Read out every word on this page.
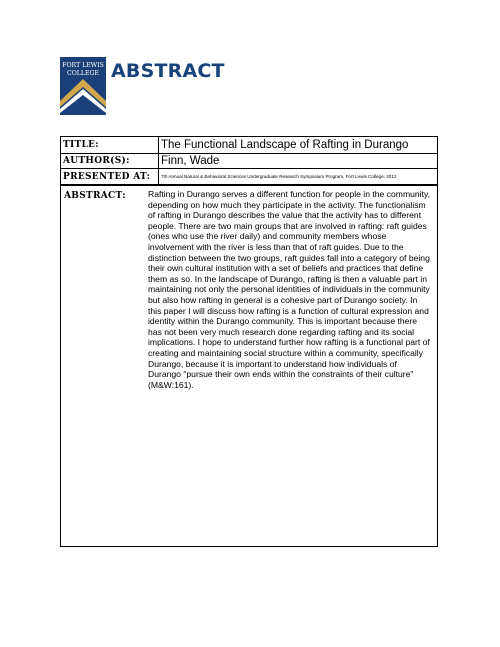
FORT LEWIS
COLLEGE ABSTRACT
TITLE:	The Functional Landscape of Rafting in Durango
AUTHOR(S):	Finn, Wade
PRESENTED AT:	7th Annual Natural & Behavioral Sciences Undergraduate Research Symposium Program, Fort Lewis College, 2012
ABSTRACT:	Rafting in Durango serves a different function for people in the community, depending on how much they participate in the activity. The functionalism of rafting in Durango describes the value that the activity has to different people. There are two main groups that are involved in rafting: raft guides (ones who use the river daily) and community members whose involvement with the river is less than that of raft guides. Due to the distinction between the two groups, raft guides fall into a category of being their own cultural institution with a set of beliefs and practices that define them as so. In the landscape of Durango, rafting is then a valuable part in maintaining not only the personal identities of individuals in the community but also how rafting in general is a cohesive part of Durango society. In this paper I will discuss how rafting is a function of cultural expression and identity within the Durango community. This is important because there has not been very much research done regarding rafting and its social implications. I hope to understand further how rafting is a functional part of creating and maintaining social structure within a community, specifically Durango, because it is important to understand how individuals of Durango "pursue their own ends within the constraints of their culture"(M&W:161).
